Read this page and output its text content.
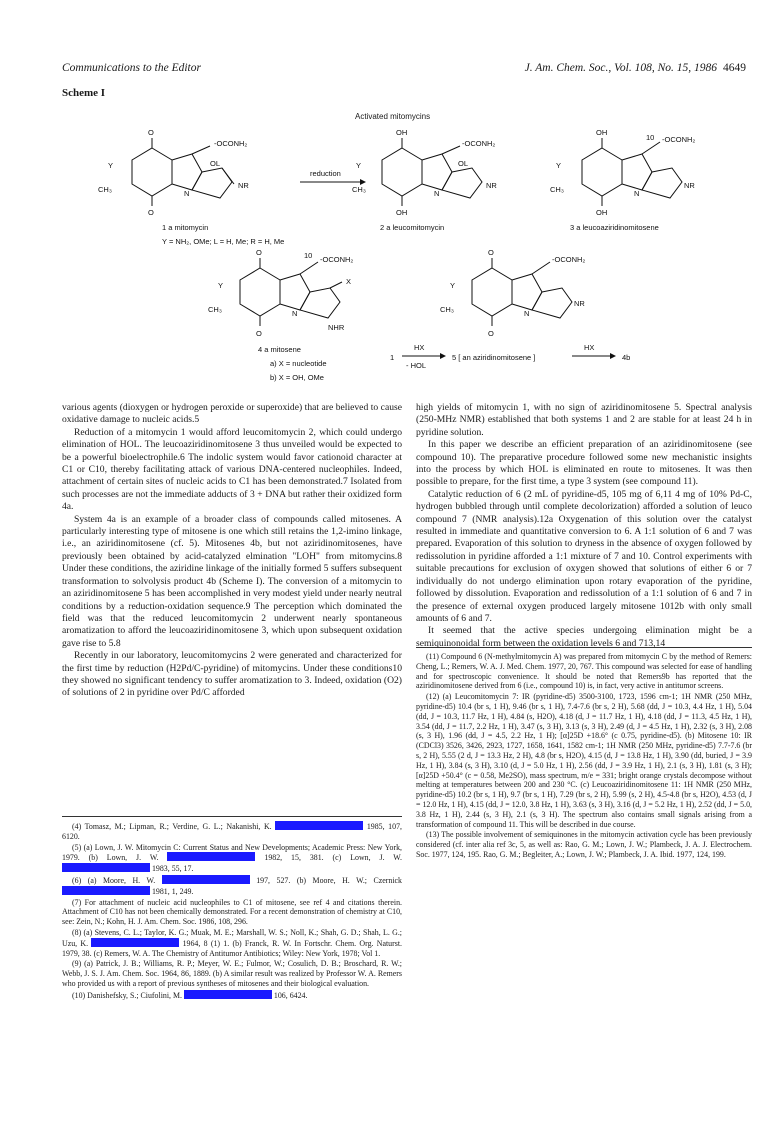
Communications to the Editor	J. Am. Chem. Soc., Vol. 108, No. 15, 1986 4649
Scheme I
Activated mitomycins
O
O
-OCONH₂
OL
Y
CH₃	N
NR
reduction
OH
OH
-OCONH₂
OL
Y
CH₃	N
NR
OH
OH
10 -OCONH₂
Y
CH₃	N
NR
1 a mitomycin	2 a leucomitomycin	3 a leucoaziridinomitosene
Y = NH₂, OMe; L = H, Me; R = H, Me
O
O
10 -OCONH₂
X
Y
CH₃	N
NHR
4 a mitosene
a) X = nucleotide
b) X = OH, OMe
O
O
-OCONH₂
Y
CH₃	N
NR
1
HX
- HOL
5 [ an aziridinomitosene ]
HX
4b

various agents (dioxygen or hydrogen peroxide or superoxide) that are believed to cause oxidative damage to nucleic acids.5

Reduction of a mitomycin 1 would afford leucomitomycin 2, which could undergo elimination of HOL. The leucoaziridinomitosene 3 thus unveiled would be expected to be a powerful bioelectrophile.6 The indolic system would favor cationoid character at C1 or C10, thereby facilitating attack of various DNA-centered nucleophiles. Indeed, attachment of certain sites of nucleic acids to C1 has been demonstrated.7 Isolated from such processes are not the immediate adducts of 3 + DNA but rather their oxidized form 4a.

System 4a is an example of a broader class of compounds called mitosenes. A particularly interesting type of mitosene is one which still retains the 1,2-imino linkage, i.e., an aziridinomitosene (cf. 5). Mitosenes 4b, but not aziridinomitosenes, have previously been obtained by acid-catalyzed elmination "LOH" from mitomycins.8 Under these conditions, the aziridine linkage of the initially formed 5 suffers subsequent transformation to solvolysis product 4b (Scheme I). The conversion of a mitomycin to an aziridinomitosene 5 has been accomplished in very modest yield under nearly neutral conditions by a reduction-oxidation sequence.9 The perception which dominated the field was that the reduced leucomitomycin 2 underwent nearly spontaneous aromatization to afford the leucoaziridinomitosene 3, which upon subsequent oxidation gave rise to 5.8

Recently in our laboratory, leucomitomycins 2 were generated and characterized for the first time by reduction (H2Pd/C-pyridine) of mitomycins. Under these conditions10 they showed no significant tendency to suffer aromatization to 3. Indeed, oxidation (O2) of solutions of 2 in pyridine over Pd/C afforded

high yields of mitomycin 1, with no sign of aziridinomitosene 5. Spectral analysis (250-MHz NMR) established that both systems 1 and 2 are stable for at least 24 h in pyridine solution.

In this paper we describe an efficient preparation of an aziridinomitosene (see compound 10). The preparative procedure followed some new mechanistic insights into the process by which HOL is eliminated en route to mitosenes. It was then possible to prepare, for the first time, a type 3 system (see compound 11).

Catalytic reduction of 6 (2 mL of pyridine-d5, 105 mg of 6,11 4 mg of 10% Pd-C, hydrogen bubbled through until complete decolorization) afforded a solution of leuco compound 7 (NMR analysis).12a Oxygenation of this solution over the catalyst resulted in immediate and quantitative conversion to 6. A 1:1 solution of 6 and 7 was prepared. Evaporation of this solution to dryness in the absence of oxygen followed by redissolution in pyridine afforded a 1:1 mixture of 7 and 10. Control experiments with suitable precautions for exclusion of oxygen showed that solutions of either 6 or 7 individually do not undergo elimination upon rotary evaporation of the pyridine, followed by dissolution. Evaporation and redissolution of a 1:1 solution of 6 and 7 in the presence of external oxygen produced largely mitosene 1012b with only small amounts of 6 and 7.

It seemed that the active species undergoing elimination might be a semiquinonoidal form between the oxidation levels 6 and 713,14

(4) Tomasz, M.; Lipman, R.; Verdine, G. L.; Nakanishi, K.	1985, 107, 6120.

(5) (a) Lown, J. W. Mitomycin C: Current Status and New Developments; Academic Press: New York, 1979. (b) Lown, J. W.	1982, 15, 381. (c) Lown, J. W.  1983, 55, 17.

(6) (a) Moore, H. W.	197, 527. (b) Moore, H. W.; Czernick  1981, 1, 249.

(7) For attachment of nucleic acid nucleophiles to C1 of mitosene, see ref 4 and citations therein. Attachment of C10 has not been chemically demonstrated. For a recent demonstration of chemistry at C10, see: Zein, N.; Kohn, H. J. Am. Chem. Soc. 1986, 108, 296.

(8) (a) Stevens, C. L.; Taylor, K. G.; Muak, M. E.; Marshall, W. S.; Noll, K.; Shah, G. D.; Shah, L. G.; Uzu, K.	1964, 8 (1) 1. (b) Franck, R. W. In Fortschr. Chem. Org. Naturst. 1979, 38. (c) Remers, W. A. The Chemistry of Antitumor Antibiotics; Wiley: New York, 1978; Vol 1.

(9) (a) Patrick, J. B.; Williams, R. P.; Meyer, W. E.; Fulmor, W.; Cosulich, D. B.; Broschard, R. W.; Webb, J. S. J. Am. Chem. Soc. 1964, 86, 1889. (b) A similar result was realized by Professor W. A. Remers who provided us with a report of previous syntheses of mitosenes and their biological evaluation.

(10) Danishefsky, S.; Ciufolini, M.	106, 6424.

(11) Compound 6 (N-methylmitomycin A) was prepared from mitomycin C by the method of Remers: Cheng, L.; Remers, W. A. J. Med. Chem. 1977, 20, 767. This compound was selected for ease of handling and for spectroscopic convenience. It should be noted that Remers9b has reported that the aziridinomitosene derived from 6 (i.e., compound 10) is, in fact, very active in antitumor screens.

(12) (a) Leucomitomycin 7: IR (pyridine-d5) 3500-3100, 1723, 1596 cm-1; 1H NMR (250 MHz, pyridine-d5) 10.4 (br s, 1 H), 9.46 (br s, 1 H), 7.4-7.6 (br s, 2 H), 5.68 (dd, J = 10.3, 4.4 Hz, 1 H), 5.04 (dd, J = 10.3, 11.7 Hz, 1 H), 4.84 (s, H2O), 4.18 (d, J = 11.7 Hz, 1 H), 4.18 (dd, J = 11.3, 4.5 Hz, 1 H), 3.54 (dd, J = 11.7, 2.2 Hz, 1 H), 3.47 (s, 3 H), 3.13 (s, 3 H), 2.49 (d, J = 4.5 Hz, 1 H), 2.32 (s, 3 H), 2.08 (s, 3 H), 1.96 (dd, J = 4.5, 2.2 Hz, 1 H); [α]25D +18.6° (c 0.75, pyridine-d5). (b) Mitosene 10: IR (CDCl3) 3526, 3426, 2923, 1727, 1658, 1641, 1582 cm-1; 1H NMR (250 MHz, pyridine-d5) 7.7-7.6 (br s, 2 H), 5.55 (2 d, J = 13.3 Hz, 2 H), 4.8 (br s, H2O), 4.15 (d, J = 13.8 Hz, 1 H), 3.90 (dd, buried, J = 3.9 Hz, 1 H), 3.84 (s, 3 H), 3.10 (d, J = 5.0 Hz, 1 H), 2.56 (dd, J = 3.9 Hz, 1 H), 2.1 (s, 3 H), 1.81 (s, 3 H); [α]25D +50.4° (c = 0.58, Me2SO), mass spectrum, m/e = 331; bright orange crystals decompose without melting at temperatures between 200 and 230 °C. (c) Leucoaziridinomitosene 11: 1H NMR (250 MHz, pyridine-d5) 10.2 (br s, 1 H), 9.7 (br s, 1 H), 7.29 (br s, 2 H), 5.99 (s, 2 H), 4.5-4.8 (br s, H2O), 4.53 (d, J = 12.0 Hz, 1 H), 4.15 (dd, J = 12.0, 3.8 Hz, 1 H), 3.63 (s, 3 H), 3.16 (d, J = 5.2 Hz, 1 H), 2.52 (dd, J = 5.0, 3.8 Hz, 1 H), 2.44 (s, 3 H), 2.1 (s, 3 H). The spectrum also contains small signals arising from a transformation of compound 11. This will be described in due course.

(13) The possible involvement of semiquinones in the mitomycin activation cycle has been previously considered (cf. inter alia ref 3c, 5, as well as: Rao, G. M.; Lown, J. W.; Plambeck, J. A. J. Electrochem. Soc. 1977, 124, 195. Rao, G. M.; Begleiter, A.; Lown, J. W.; Plambeck, J. A. Ibid. 1977, 124, 199.
